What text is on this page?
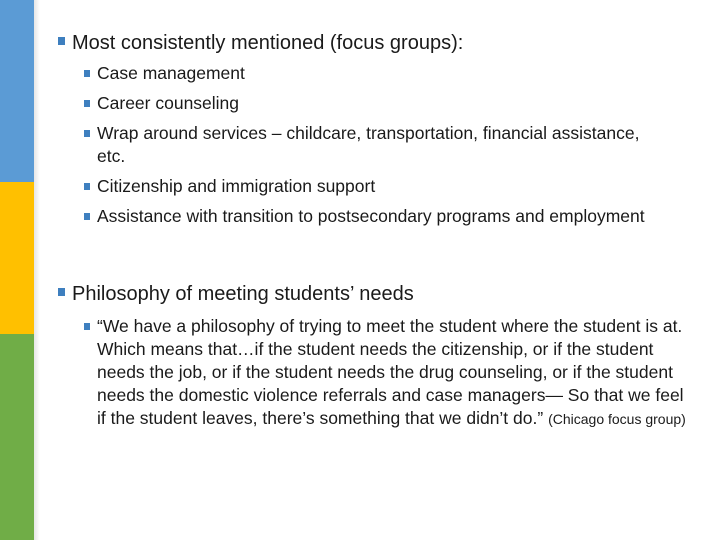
Most consistently mentioned (focus groups):
Case management
Career counseling
Wrap around services – childcare, transportation, financial assistance, etc.
Citizenship and immigration support
Assistance with transition to postsecondary programs and employment
Philosophy of meeting students’ needs
“We have a philosophy of trying to meet the student where the student is at. Which means that…if the student needs the citizenship, or if the student needs the job, or if the student needs the drug counseling, or if the student needs the domestic violence referrals and case managers— So that we feel if the student leaves, there’s something that we didn’t do.” (Chicago focus group)
